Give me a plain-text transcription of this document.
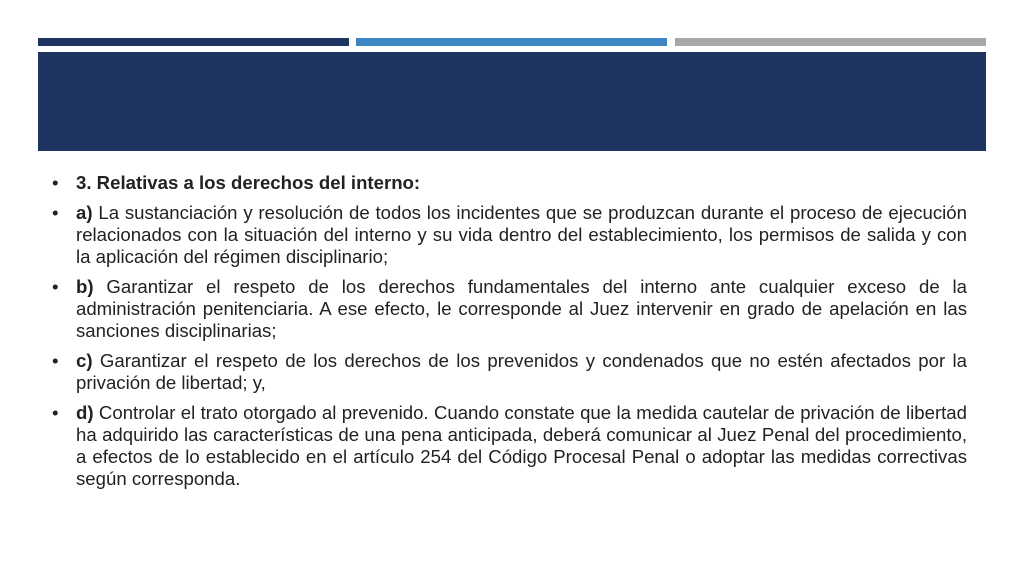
• 3. Relativas a los derechos del interno:
• a) La sustanciación y resolución de todos los incidentes que se produzcan durante el proceso de ejecución relacionados con la situación del interno y su vida dentro del establecimiento, los permisos de salida y con la aplicación del régimen disciplinario;
• b) Garantizar el respeto de los derechos fundamentales del interno ante cualquier exceso de la administración penitenciaria. A ese efecto, le corresponde al Juez intervenir en grado de apelación en las sanciones disciplinarias;
• c) Garantizar el respeto de los derechos de los prevenidos y condenados que no estén afectados por la privación de libertad; y,
• d) Controlar el trato otorgado al prevenido. Cuando constate que la medida cautelar de privación de libertad ha adquirido las características de una pena anticipada, deberá comunicar al Juez Penal del procedimiento, a efectos de lo establecido en el artículo 254 del Código Procesal Penal o adoptar las medidas correctivas según corresponda.
